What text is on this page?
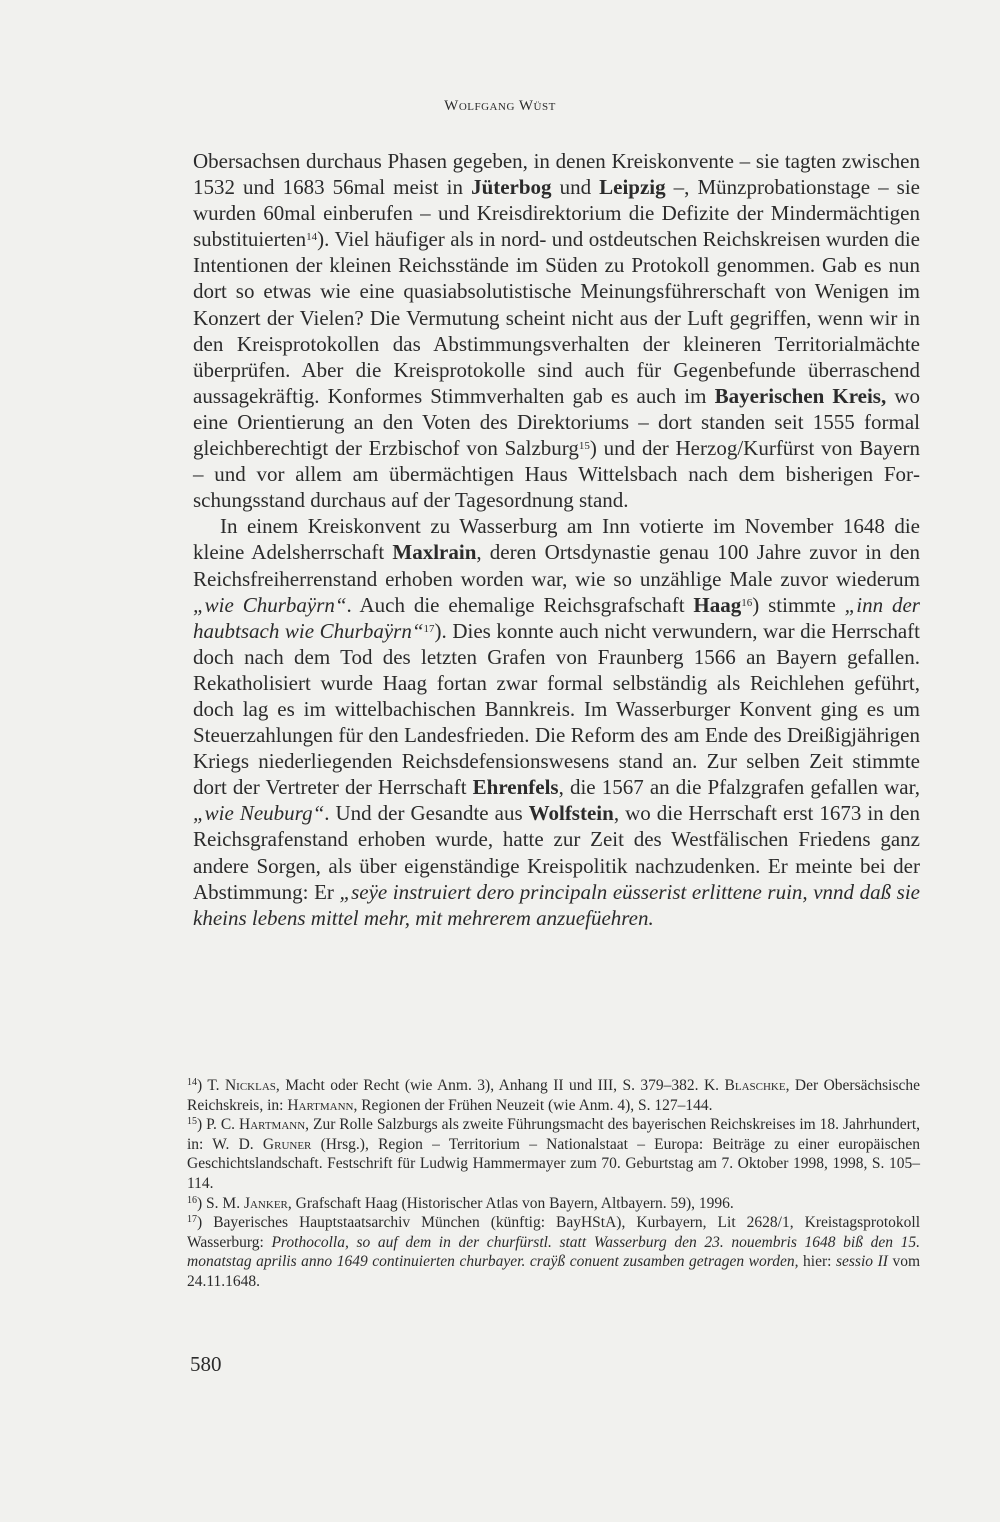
Wolfgang Wüst

Obersachsen durchaus Phasen gegeben, in denen Kreiskonvente – sie tagten zwischen 1532 und 1683 56mal meist in Jüterbog und Leipzig –, Münzprobationstage – sie wurden 60mal einberufen – und Kreisdirektorium die Defizite der Mindermächtigen substituierten$^{14}$). Viel häufiger als in nord- und ostdeutschen Reichskreisen wurden die Intentionen der kleinen Reichsstände im Süden zu Protokoll genommen. Gab es nun dort so etwas wie eine quasiabsolutistische Meinungsführerschaft von Wenigen im Konzert der Vielen? Die Vermutung scheint nicht aus der Luft gegriffen, wenn wir in den Kreisprotokollen das Abstimmungsverhalten der kleineren Territorialmächte überprüfen. Aber die Kreisprotokolle sind auch für Gegenbefunde überraschend aussagekräftig. Konformes Stimmverhalten gab es auch im Bayerischen Kreis, wo eine Orientierung an den Voten des Direktoriums – dort standen seit 1555 formal gleichberechtigt der Erzbischof von Salzburg$^{15}$) und der Herzog/Kurfürst von Bayern – und vor allem am übermächtigen Haus Wittelsbach nach dem bisherigen Forschungsstand durchaus auf der Tagesordnung stand.

In einem Kreiskonvent zu Wasserburg am Inn votierte im November 1648 die kleine Adelsherrschaft Maxlrain, deren Ortsdynastie genau 100 Jahre zuvor in den Reichsfreiherrenstand erhoben worden war, wie so unzählige Male zuvor wiederum „wie Churbaÿrn“. Auch die ehemalige Reichsgrafschaft Haag$^{16}$) stimmte „inn der haubtsach wie Churbaÿrn“$^{17}$). Dies konnte auch nicht verwundern, war die Herrschaft doch nach dem Tod des letzten Grafen von Fraunberg 1566 an Bayern gefallen. Rekatholisiert wurde Haag fortan zwar formal selbständig als Reichlehen geführt, doch lag es im wittelbachischen Bannkreis. Im Wasserburger Konvent ging es um Steuerzahlungen für den Landesfrieden. Die Reform des am Ende des Dreißigjährigen Kriegs niederliegenden Reichsdefensionswesens stand an. Zur selben Zeit stimmte dort der Vertreter der Herrschaft Ehrenfels, die 1567 an die Pfalzgrafen gefallen war, „wie Neuburg“. Und der Gesandte aus Wolfstein, wo die Herrschaft erst 1673 in den Reichsgrafenstand erhoben wurde, hatte zur Zeit des Westfälischen Friedens ganz andere Sorgen, als über eigenständige Kreispolitik nachzudenken. Er meinte bei der Abstimmung: Er „seÿe instruiert dero principaln eüsserist erlittene ruin, vnnd daß sie kheins lebens mittel mehr, mit mehrerem anzuefüehren.

$^{14}$) T. Nicklas, Macht oder Recht (wie Anm. 3), Anhang II und III, S. 379–382. K. Blaschke, Der Obersächsische Reichskreis, in: Hartmann, Regionen der Frühen Neuzeit (wie Anm. 4), S. 127–144.

$^{15}$) P. C. Hartmann, Zur Rolle Salzburgs als zweite Führungsmacht des bayerischen Reichskreises im 18. Jahrhundert, in: W. D. Gruner (Hrsg.), Region – Territorium – Nationalstaat – Europa: Beiträge zu einer europäischen Geschichtslandschaft. Festschrift für Ludwig Hammermayer zum 70. Geburtstag am 7. Oktober 1998, 1998, S. 105–114.

$^{16}$) S. M. Janker, Grafschaft Haag (Historischer Atlas von Bayern, Altbayern. 59), 1996.

$^{17}$) Bayerisches Hauptstaatsarchiv München (künftig: BayHStA), Kurbayern, Lit 2628/1, Kreistagsprotokoll Wasserburg: Prothocolla, so auf dem in der churfürstl. statt Wasserburg den 23. nouembris 1648 biß den 15. monatstag aprilis anno 1649 continuierten churbayer. craÿß conuent zusamben getragen worden, hier: sessio II vom 24.11.1648.

580
